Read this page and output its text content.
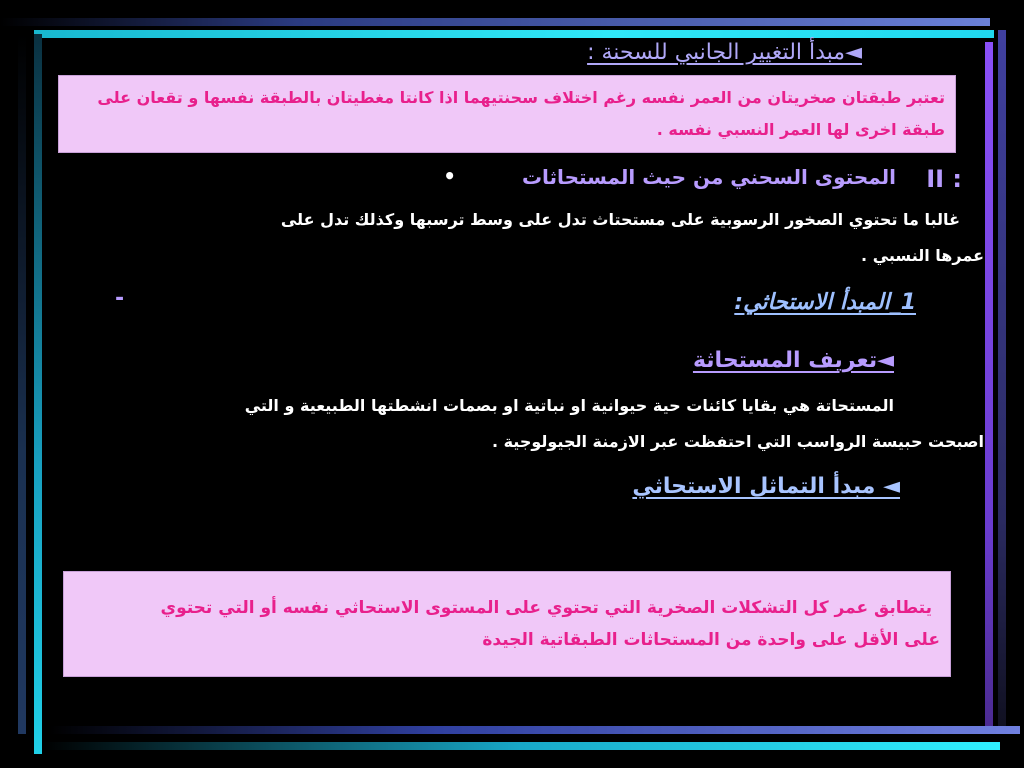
◄مبدأ التغيير الجانبي للسحنة :
تعتبر طبقتان صخريتان من العمر نفسه رغم اختلاف سحنتيهما اذا كانتا مغطيتان بالطبقة نفسها و تقعان على
طبقة اخرى لها العمر النسبي نفسه .
II :
المحتوى السحني من حيث المستحاثات
•
غالبا ما تحتوي الصخور الرسوبية على مستحتاث تدل على وسط ترسبها وكذلك تدل على
عمرها النسبي .
1_المبدأ الاستحاثي:
-
◄تعريف المستحاثة
المستحاتة هي بقايا كائنات حية حيوانية او نباتية او بصمات انشطتها الطبيعية و التي
اصبحت حبيسة الرواسب التي احتفظت عبر الازمنة الجيولوجية .
◄ مبدأ التماثل الاستحاثي
يتطابق عمر كل التشكلات الصخرية التي تحتوي على المستوى الاستحاثي نفسه أو التي تحتوي
على الأقل على واحدة من المستحاثات الطبقاتية الجيدة
